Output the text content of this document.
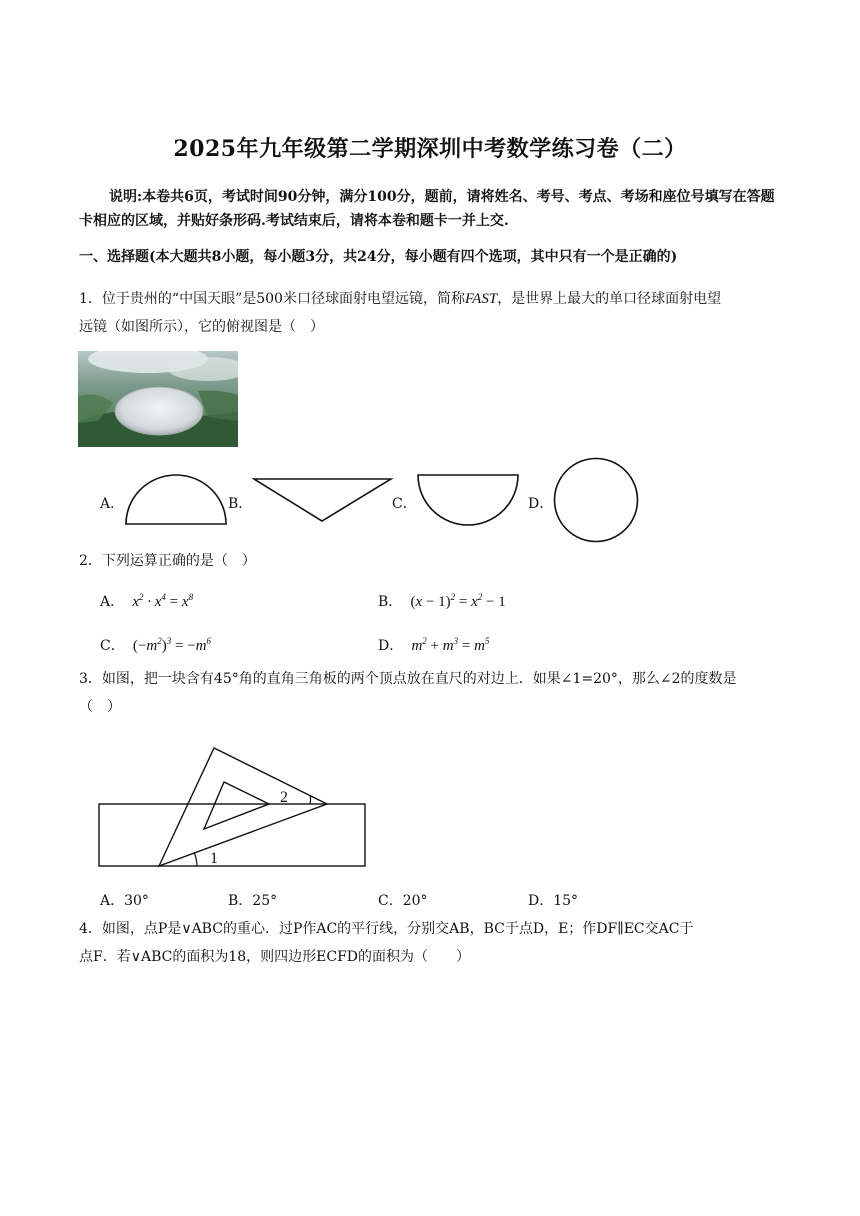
2025年九年级第二学期深圳中考数学练习卷（二）
说明:本卷共6页，考试时间90分钟，满分100分，题前，请将姓名、考号、考点、考场和座位号填写在答题卡相应的区域，并贴好条形码.考试结束后，请将本卷和题卡一并上交.
一、选择题(本大题共8小题，每小题3分，共24分，每小题有四个选项，其中只有一个是正确的)
1．位于贵州的“中国天眼”是500米口径球面射电望远镜，简称FAST，是世界上最大的单口径球面射电望
远镜（如图所示），它的俯视图是（　）
A．	B．	C．	D．
2．下列运算正确的是（　）
A．  $x^2 \cdot x^4 = x^8$	B． $(x - 1)^2 = x^2 - 1$
C． $(-m^2)^3 = -m^6$	D．  $m^2 + m^3 = m^5$
3．如图，把一块含有45°角的直角三角板的两个顶点放在直尺的对边上．如果∠1=20°，那么∠2的度数是
（　）
1
2
A．30°	B．25°	C．20°	D．15°
4．如图，点P是∨ABC的重心．过P作AC的平行线，分别交AB，BC于点D，E；作DF∥EC交AC于
点F．若∨ABC的面积为18，则四边形ECFD的面积为（　　）
